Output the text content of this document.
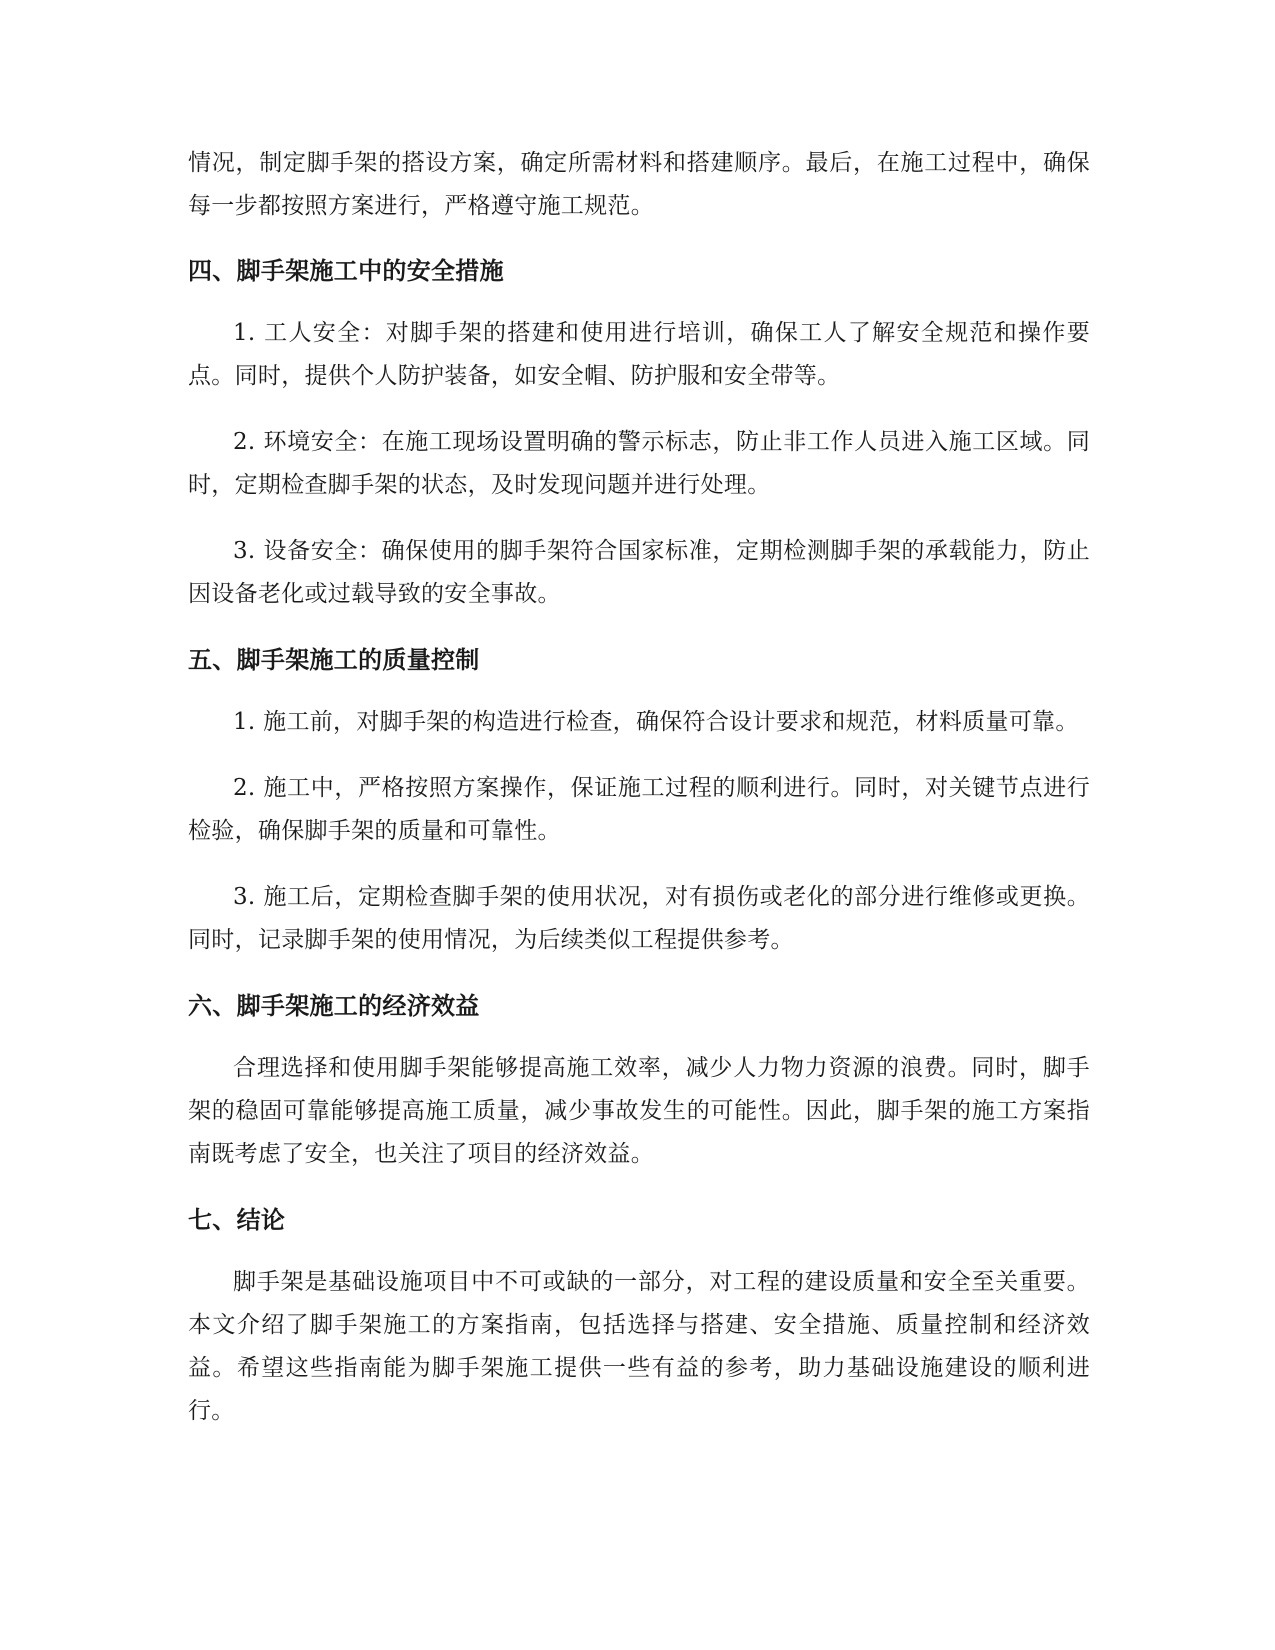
情况，制定脚手架的搭设方案，确定所需材料和搭建顺序。最后，在施工过程中，确保每一步都按照方案进行，严格遵守施工规范。

四、脚手架施工中的安全措施

1. 工人安全：对脚手架的搭建和使用进行培训，确保工人了解安全规范和操作要点。同时，提供个人防护装备，如安全帽、防护服和安全带等。

2. 环境安全：在施工现场设置明确的警示标志，防止非工作人员进入施工区域。同时，定期检查脚手架的状态，及时发现问题并进行处理。

3. 设备安全：确保使用的脚手架符合国家标准，定期检测脚手架的承载能力，防止因设备老化或过载导致的安全事故。

五、脚手架施工的质量控制

1. 施工前，对脚手架的构造进行检查，确保符合设计要求和规范，材料质量可靠。

2. 施工中，严格按照方案操作，保证施工过程的顺利进行。同时，对关键节点进行检验，确保脚手架的质量和可靠性。

3. 施工后，定期检查脚手架的使用状况，对有损伤或老化的部分进行维修或更换。同时，记录脚手架的使用情况，为后续类似工程提供参考。

六、脚手架施工的经济效益

合理选择和使用脚手架能够提高施工效率，减少人力物力资源的浪费。同时，脚手架的稳固可靠能够提高施工质量，减少事故发生的可能性。因此，脚手架的施工方案指南既考虑了安全，也关注了项目的经济效益。

七、结论

脚手架是基础设施项目中不可或缺的一部分，对工程的建设质量和安全至关重要。本文介绍了脚手架施工的方案指南，包括选择与搭建、安全措施、质量控制和经济效益。希望这些指南能为脚手架施工提供一些有益的参考，助力基础设施建设的顺利进行。
